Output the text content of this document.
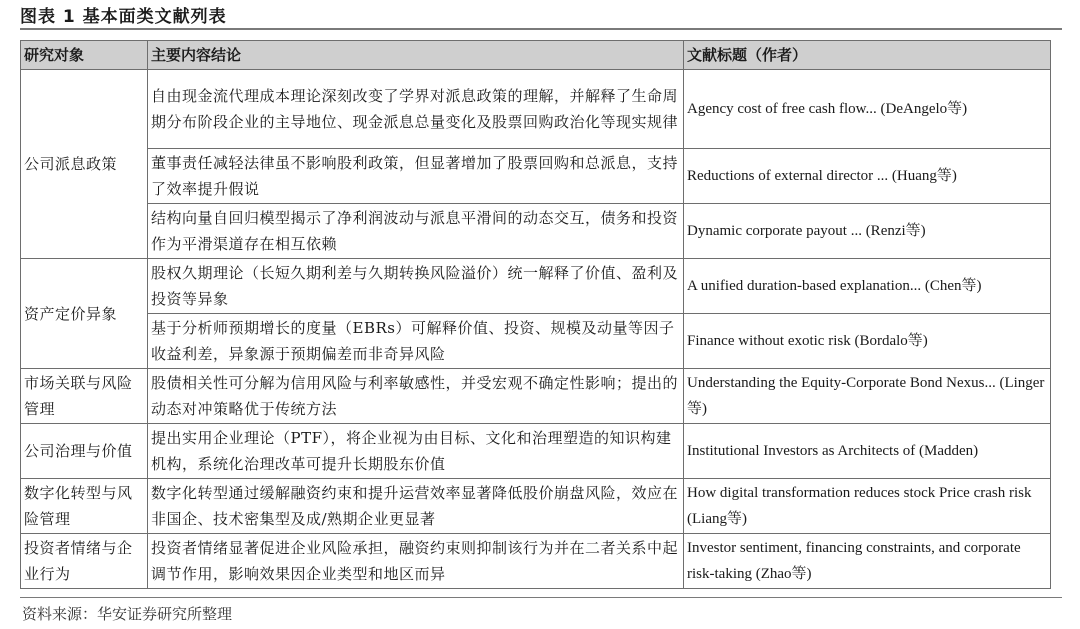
图表 1 基本面类文献列表
研究对象	主要内容结论	文献标题（作者）
公司派息政策	自由现金流代理成本理论深刻改变了学界对派息政策的理解，并解释了生命周期分布阶段企业的主导地位、现金派息总量变化及股票回购政治化等现实规律	Agency cost of free cash flow... (DeAngelo等)
	董事责任减轻法律虽不影响股利政策，但显著增加了股票回购和总派息，支持了效率提升假说	Reductions of external director ... (Huang等)
	结构向量自回归模型揭示了净利润波动与派息平滑间的动态交互，债务和投资作为平滑渠道存在相互依赖	Dynamic corporate payout ... (Renzi等)
资产定价异象	股权久期理论（长短久期利差与久期转换风险溢价）统一解释了价值、盈利及投资等异象	A unified duration-based explanation... (Chen等)
	基于分析师预期增长的度量（EBRs）可解释价值、投资、规模及动量等因子收益利差，异象源于预期偏差而非奇异风险	Finance without exotic risk (Bordalo等)
市场关联与风险管理	股债相关性可分解为信用风险与利率敏感性，并受宏观不确定性影响；提出的动态对冲策略优于传统方法	Understanding the Equity-Corporate Bond Nexus... (Linger等)
公司治理与价值	提出实用企业理论（PTF），将企业视为由目标、文化和治理塑造的知识构建机构，系统化治理改革可提升长期股东价值	Institutional Investors as Architects of (Madden)
数字化转型与风险管理	数字化转型通过缓解融资约束和提升运营效率显著降低股价崩盘风险，效应在非国企、技术密集型及成/熟期企业更显著	How digital transformation reduces stock Price crash risk (Liang等)
投资者情绪与企业行为	投资者情绪显著促进企业风险承担，融资约束则抑制该行为并在二者关系中起调节作用，影响效果因企业类型和地区而异	Investor sentiment, financing constraints, and corporate risk-taking (Zhao等)
资料来源：华安证券研究所整理
